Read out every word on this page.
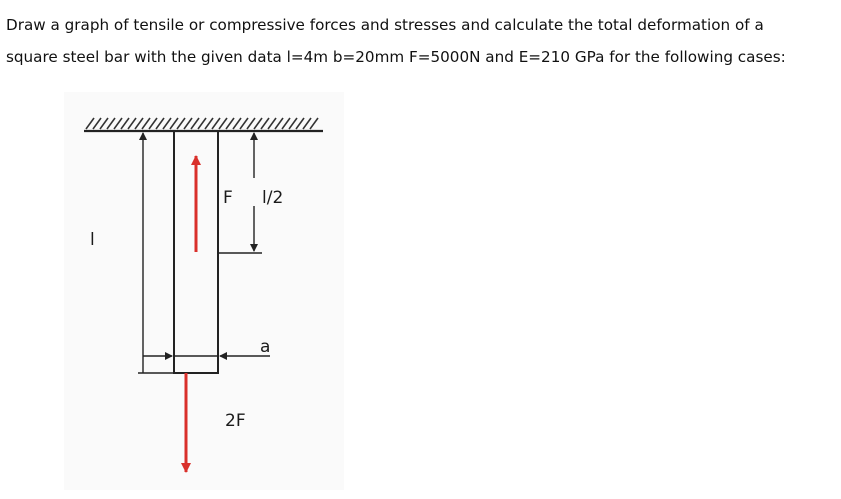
Draw a graph of tensile or compressive forces and stresses and calculate the total deformation of a
square steel bar with the given data l=4m b=20mm F=5000N and E=210 GPa for the following cases:
l
F l/2
a
2F
